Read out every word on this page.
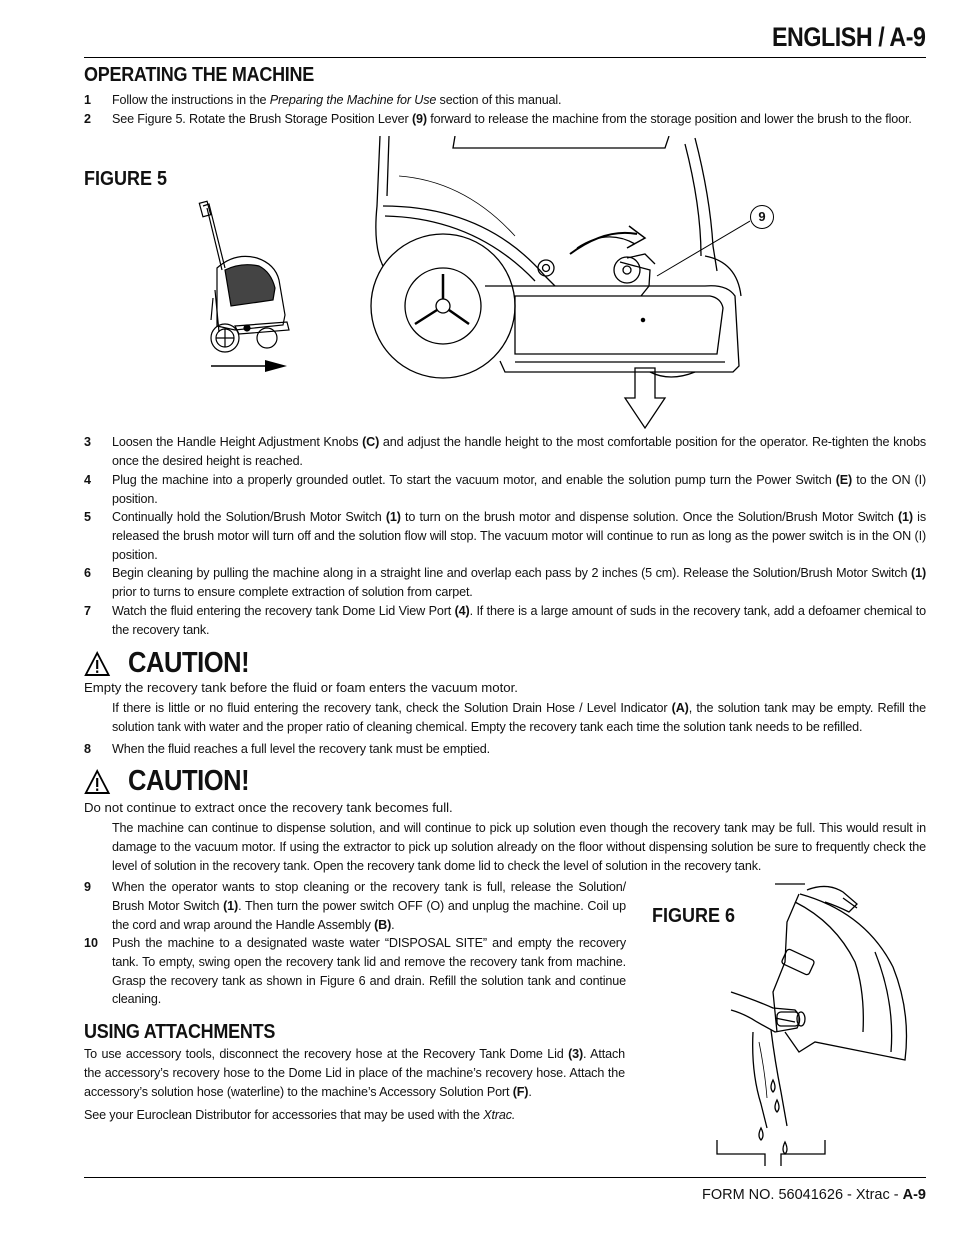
ENGLISH / A-9
OPERATING THE MACHINE
1 Follow the instructions in the Preparing the Machine for Use section of this manual.
2 See Figure 5. Rotate the Brush Storage Position Lever (9) forward to release the machine from the storage position and lower the brush to the floor.
FIGURE 5
9
3 Loosen the Handle Height Adjustment Knobs (C) and adjust the handle height to the most comfortable position for the operator. Re-tighten the knobs once the desired height is reached.
4 Plug the machine into a properly grounded outlet. To start the vacuum motor, and enable the solution pump turn the Power Switch (E) to the ON (I) position.
5 Continually hold the Solution/Brush Motor Switch (1) to turn on the brush motor and dispense solution. Once the Solution/Brush Motor Switch (1) is released the brush motor will turn off and the solution flow will stop. The vacuum motor will continue to run as long as the power switch is in the ON (I) position.
6 Begin cleaning by pulling the machine along in a straight line and overlap each pass by 2 inches (5 cm). Release the Solution/Brush Motor Switch (1) prior to turns to ensure complete extraction of solution from carpet.
7 Watch the fluid entering the recovery tank Dome Lid View Port (4). If there is a large amount of suds in the recovery tank, add a defoamer chemical to the recovery tank.
CAUTION!
Empty the recovery tank before the fluid or foam enters the vacuum motor.
If there is little or no fluid entering the recovery tank, check the Solution Drain Hose / Level Indicator (A), the solution tank may be empty. Refill the solution tank with water and the proper ratio of cleaning chemical. Empty the recovery tank each time the solution tank needs to be refilled.
8 When the fluid reaches a full level the recovery tank must be emptied.
CAUTION!
Do not continue to extract once the recovery tank becomes full.
The machine can continue to dispense solution, and will continue to pick up solution even though the recovery tank may be full. This would result in damage to the vacuum motor. If using the extractor to pick up solution already on the floor without dispensing solution be sure to frequently check the level of solution in the recovery tank. Open the recovery tank dome lid to check the level of solution in the recovery tank.
9 When the operator wants to stop cleaning or the recovery tank is full, release the Solution/ Brush Motor Switch (1). Then turn the power switch OFF (O) and unplug the machine. Coil up the cord and wrap around the Handle Assembly (B).
10 Push the machine to a designated waste water “DISPOSAL SITE” and empty the recovery tank. To empty, swing open the recovery tank lid and remove the recovery tank from machine. Grasp the recovery tank as shown in Figure 6 and drain. Refill the solution tank and continue cleaning.
FIGURE 6
USING ATTACHMENTS
To use accessory tools, disconnect the recovery hose at the Recovery Tank Dome Lid (3). Attach the accessory’s recovery hose to the Dome Lid in place of the machine’s recovery hose. Attach the accessory’s solution hose (waterline) to the machine’s Accessory Solution Port (F).
See your Euroclean Distributor for accessories that may be used with the Xtrac.
FORM NO. 56041626 - Xtrac - A-9
